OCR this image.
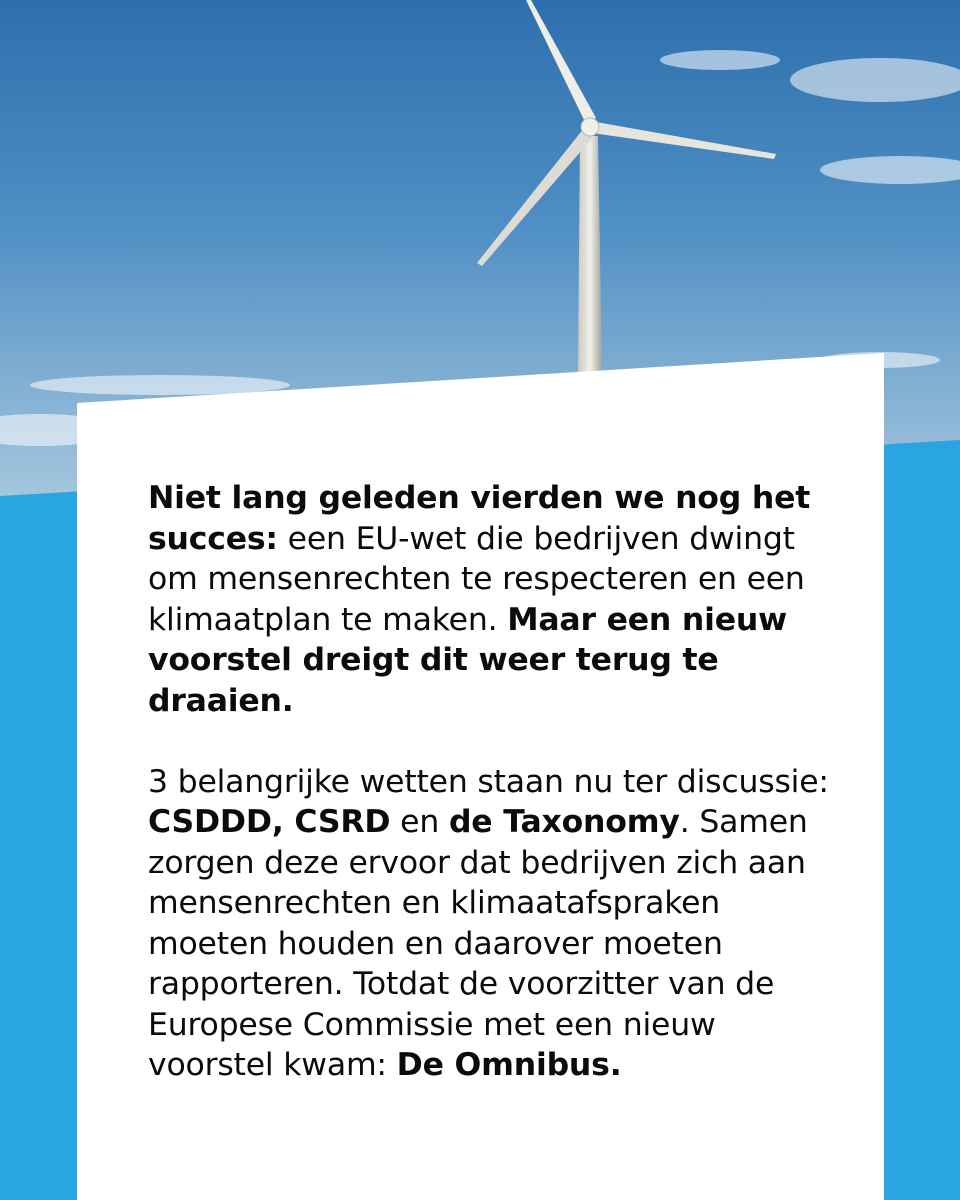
Niet lang geleden vierden we nog het succes: een EU-wet die bedrijven dwingt om mensenrechten te respecteren en een klimaatplan te maken. Maar een nieuw voorstel dreigt dit weer terug te draaien.

3 belangrijke wetten staan nu ter discussie: CSDDD, CSRD en de Taxonomy. Samen zorgen deze ervoor dat bedrijven zich aan mensenrechten en klimaatafspraken moeten houden en daarover moeten rapporteren. Totdat de voorzitter van de Europese Commissie met een nieuw voorstel kwam: De Omnibus.
